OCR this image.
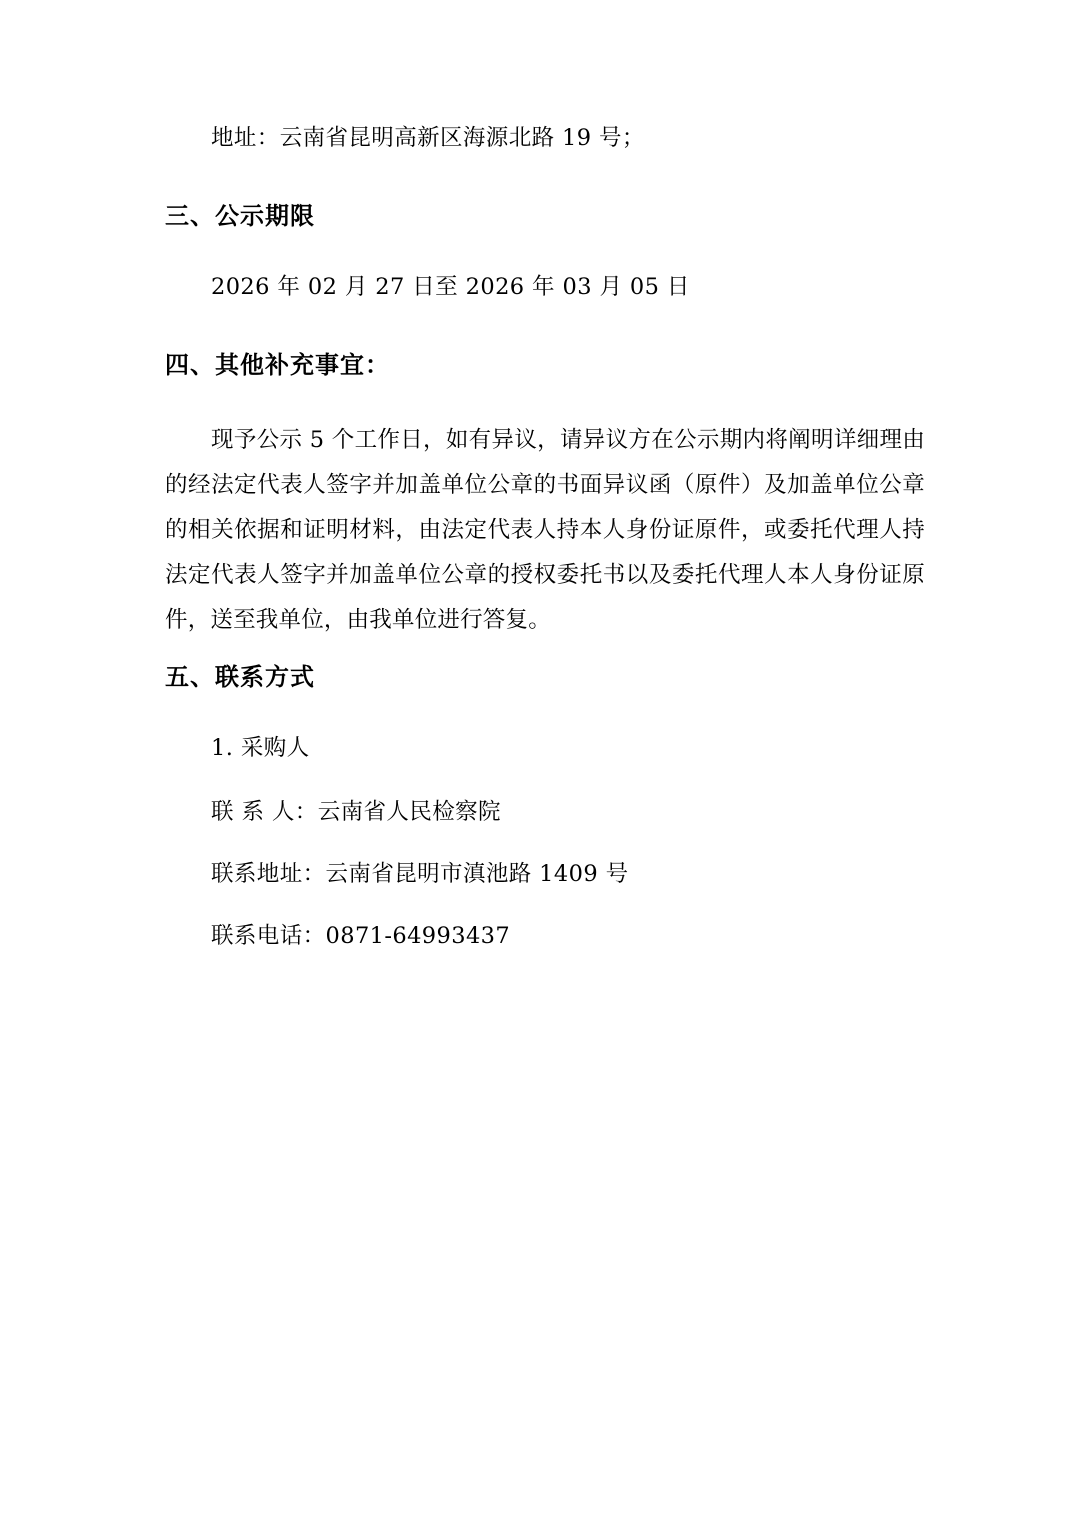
地址：云南省昆明高新区海源北路 19 号；
三、公示期限
2026 年 02 月 27 日至 2026 年 03 月 05 日
四、其他补充事宜：
现予公示 5 个工作日，如有异议，请异议方在公示期内将阐明详细理由的经法定代表人签字并加盖单位公章的书面异议函（原件）及加盖单位公章的相关依据和证明材料，由法定代表人持本人身份证原件，或委托代理人持法定代表人签字并加盖单位公章的授权委托书以及委托代理人本人身份证原件，送至我单位，由我单位进行答复。
五、联系方式
1. 采购人
联 系 人：云南省人民检察院
联系地址：云南省昆明市滇池路 1409 号
联系电话：0871-64993437
